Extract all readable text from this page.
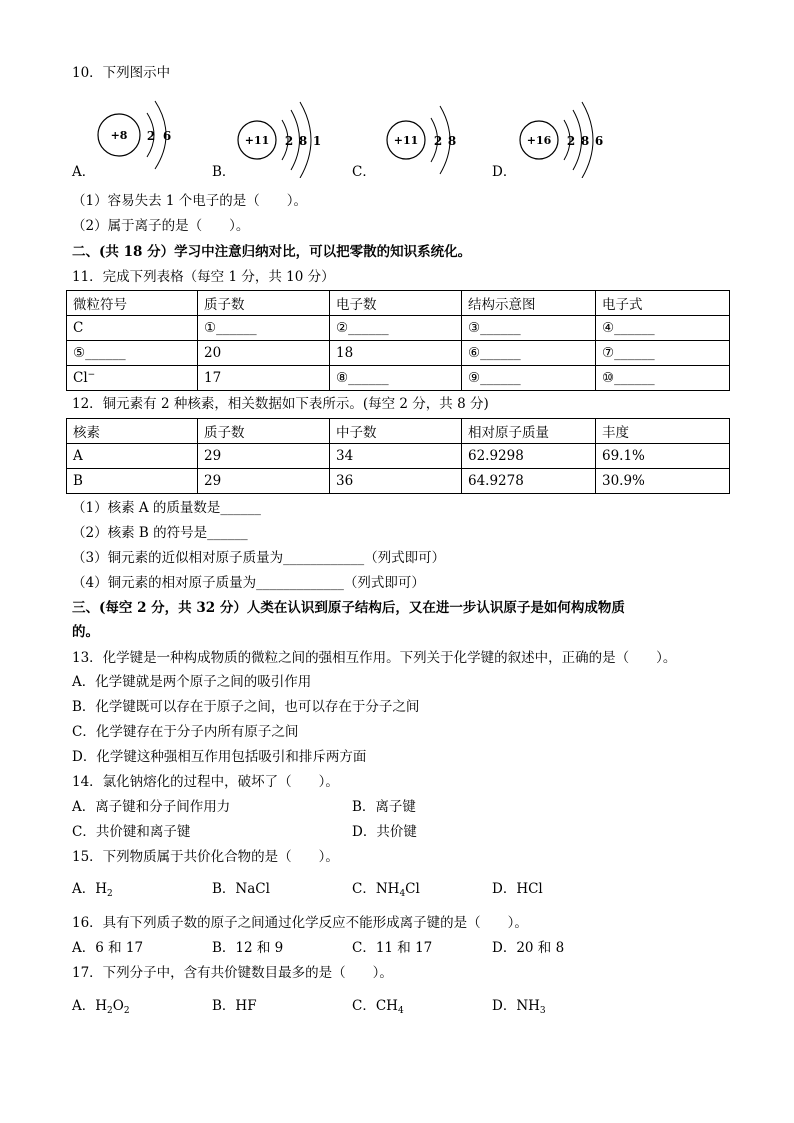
10．下列图示中
+8 2 6
A．
+11 2 8 1
B．
+11 2 8
C．
+16 2 8 6
D．
（1）容易失去 1 个电子的是（　　）。
（2）属于离子的是（　　）。
二、(共 18 分）学习中注意归纳对比，可以把零散的知识系统化。
11．完成下列表格（每空 1 分，共 10 分）
微粒符号	质子数	电子数	结构示意图	电子式
C	①______	②______	③______	④______
⑤______	20	18	⑥______	⑦______
Cl−	17	⑧______	⑨______	⑩______
12．铜元素有 2 种核素，相关数据如下表所示。(每空 2 分，共 8 分)
核素	质子数	中子数	相对原子质量	丰度
A	29	34	62.9298	69.1%
B	29	36	64.9278	30.9%
（1）核素 A 的质量数是______
（2）核素 B 的符号是______
（3）铜元素的近似相对原子质量为____________（列式即可）
（4）铜元素的相对原子质量为_____________（列式即可）
三、(每空 2 分，共 32 分）人类在认识到原子结构后，又在进一步认识原子是如何构成物质
的。
13．化学键是一种构成物质的微粒之间的强相互作用。下列关于化学键的叙述中，正确的是（　　）。
A．化学键就是两个原子之间的吸引作用
B．化学键既可以存在于原子之间，也可以存在于分子之间
C．化学键存在于分子内所有原子之间
D．化学键这种强相互作用包括吸引和排斥两方面
14．氯化钠熔化的过程中，破坏了（　　）。
A．离子键和分子间作用力	B．离子键
C．共价键和离子键	D．共价键
15．下列物质属于共价化合物的是（　　）。
A．$H_2$	B．NaCl	C．$NH_4Cl$	D．HCl
16．具有下列质子数的原子之间通过化学反应不能形成离子键的是（　　）。
A．6 和 17	B．12 和 9	C．11 和 17	D．20 和 8
17．下列分子中，含有共价键数目最多的是（　　）。
A．$H_2O_2$	B．HF	C．$CH_4$	D．$NH_3$
